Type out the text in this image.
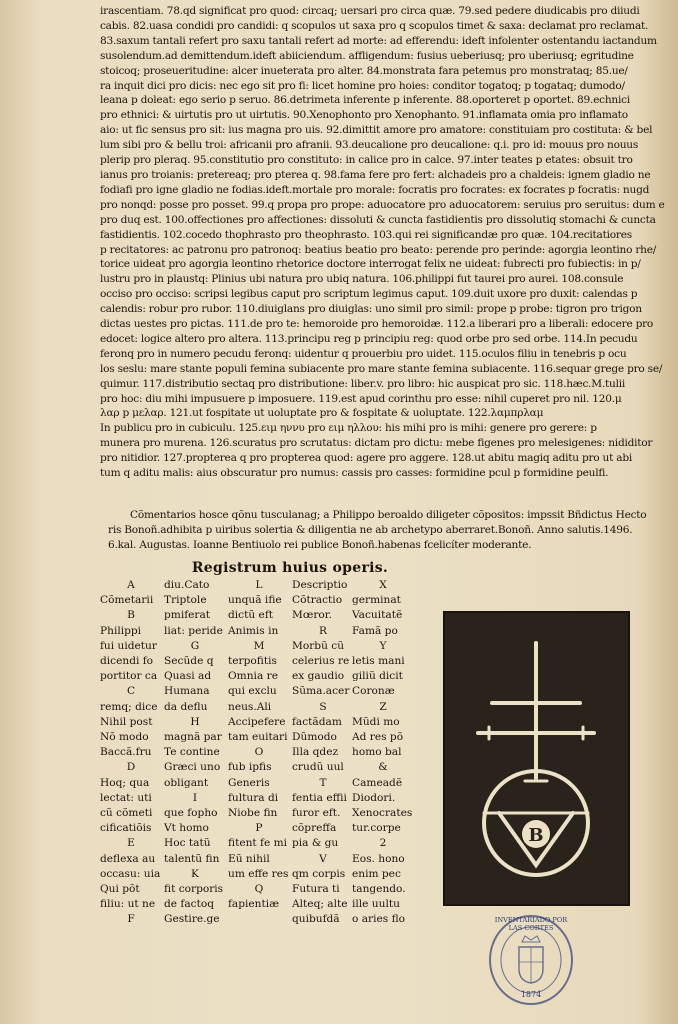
irascentiam. 78.qd significat pro quod: circaq; uersari pro circa quæ. 79.sed pedere diudicabis pro diiudi
cabis. 82.uasa condidi pro candidi: q scopulos ut saxa pro q scopulos timet & saxa: declamat pro reclamat.
83.saxum tantali refert pro saxu tantali refert ad morte: ad efferendu: ideft infolenter ostentandu iactandum
susolendum.ad demittendum.ideft abiiciendum. affligendum: fusius ueberiusq; pro uberiusq; egritudine
stoicoq; proseueritudine: alcer inueterata pro alter. 84.monstrata fara petemus pro monstrataq; 85.ue/
ra inquit dici pro dicis: nec ego sit pro fi: licet homine pro hoies: conditor togatoq; p togataq; dumodo/
leana p doleat: ego serio p seruo. 86.detrimeta inferente p inferente. 88.oporteret p oportet. 89.echnici
pro ethnici: & uirtutis pro ut uirtutis. 90.Xenophonto pro Xenophanto. 91.inflamata omia pro inflamato
aio: ut fic sensus pro sit: ius magna pro uis. 92.dimittit amore pro amatore: constituiam pro costituta: & bel
lum sibi pro & bellu troi: africanii pro afranii. 93.deucalione pro deucalione: q.i. pro id: mouus pro nouus
plerip pro pleraq. 95.constitutio pro constituto: in calice pro in calce. 97.inter teates p etates: obsuit tro
ianus pro troianis: pretereaq; pro pterea q. 98.fama fere pro fert: alchadeis pro a chaldeis: ignem gladio ne
fodiafi pro igne gladio ne fodias.ideft.mortale pro morale: focratis pro focrates: ex focrates p focratis: nugd
pro nonqd: posse pro posset. 99.q propa pro prope: aduocatore pro aduocatorem: seruius pro seruitus: dum e
pro duq est. 100.offectiones pro affectiones: dissoluti & cuncta fastidientis pro dissolutiq stomachi & cuncta
fastidientis. 102.cocedo thophrasto pro theophrasto. 103.qui rei significandæ pro quæ. 104.recitatiores
p recitatores: ac patronu pro patronoq: beatius beatio pro beato: perende pro perinde: agorgia leontino rhe/
torice uideat pro agorgia leontino rhetorice doctore interrogat felix ne uideat: fubrecti pro fubiectis: in p/
lustru pro in plaustq: Plinius ubi natura pro ubiq natura. 106.philippi fut taurei pro aurei. 108.consule
occiso pro occiso: scripsi legibus caput pro scriptum legimus caput. 109.duit uxore pro duxit: calendas p
calendis: robur pro rubor. 110.diuiglans pro diuiglas: uno simil pro simil: prope p probe: tigron pro trigon
dictas uestes pro pictas. 111.de pro te: hemoroide pro hemoroidæ. 112.a liberari pro a liberali: edocere pro
edocet: logice altero pro altera. 113.principu reg p principiu reg: quod orbe pro sed orbe. 114.In pecudu
feronq pro in numero pecudu feronq: uidentur q prouerbiu pro uidet. 115.oculos filiu in tenebris p ocu
los seslu: mare stante populi femina subiacente pro mare stante femina subiacente. 116.sequar grege pro se/
quimur. 117.distributio sectaq pro distributione: liber.v. pro libro: hic auspicat pro sic. 118.hæc.M.tulii
pro hoc: diu mihi impusuere p imposuere. 119.est apud corinthu pro esse: nihil cuperet pro nil. 120.μ
λαρ p μελαρ. 121.ut fospitate ut uoluptate pro & fospitate & uoluptate. 122.λαμπρλαμ
In publicu pro in cubiculu. 125.ειμ ηννυ pro ειμ ηλλου: his mihi pro is mihi: genere pro gerere: p
munera pro murena. 126.scuratus pro scrutatus: dictam pro dictu: mebe figenes pro melesigenes: nididitor
pro nitidior. 127.propterea q pro propterea quod: agere pro aggere. 128.ut abitu magiq aditu pro ut abi
tum q aditu malis: aius obscuratur pro numus: cassis pro casses: formidine pcul p formidine peulfi.
Cõmentarios hosce qõnu tusculanag; a Philippo beroaldo diligeter cõpositos: impssit Bñdictus Hecto
ris Bonoñ.adhibita p uiribus solertia & diligentia ne ab archetypo aberraret.Bonoñ. Anno salutis.1496.
6.kal. Augustas. Ioanne Bentiuolo rei publice Bonoñ.habenas fcelicíter moderante.
Registrum huius operis.
A
Cõmetarii
B
Philippi
fui uidetur
dicendi fo
portitor ca
C
remq; dice
Nihil post
Nõ modo
Baccã.fru
D
Hoq; qua
lectat: uti
cũ cõmeti
cificatiõis
E
deflexa au
occasu: uia
Qui põt
filiu: ut ne
F
diu.Cato
Triptole
pmiferat
liat: peride
G
Secũde q
Quasi ad
Humana
da deflu
H
magnã par
Te contine
Græci uno
obligant
I
que fopho
Vt homo
Hoc tatũ
talentũ fin
K
fit corporis
de factoq
Gestire.ge
L
unquã ifie
dictũ eft
Animis in
M
terpofitis
Omnia re
qui exclu
neus.Ali
Accipefere
tam euitari
O
fub ipfis
Generis
fultura di
Niobe fin
P
fitent fe mi
Eũ nihil
um effe res
Q
fapientiæ
Descriptio
Cõtractio
Mœror.
R
Morbũ cũ
celerius re
ex gaudio
Sũma.acer
S
factãdam
Dũmodo
Illa qdez
crudũ uul
T
fentia effii
furor eft.
cõpreffa
pia & gu
V
qm corpis
Futura ti
Alteq; alte
quibufdã
X
germinat
Vacuitatẽ
Famã po
Y
letis mani
giliũ dicit
Coronæ
Z
Mũdi mo
Ad res põ
homo bal
&
Cameadẽ
Diodori.
Xenocrates
tur.corpe
2
Eos. hono
enim pec
tangendo.
ille uultu
o aries flo
B
INVENTARIADO POR LAS CORTES
1874
